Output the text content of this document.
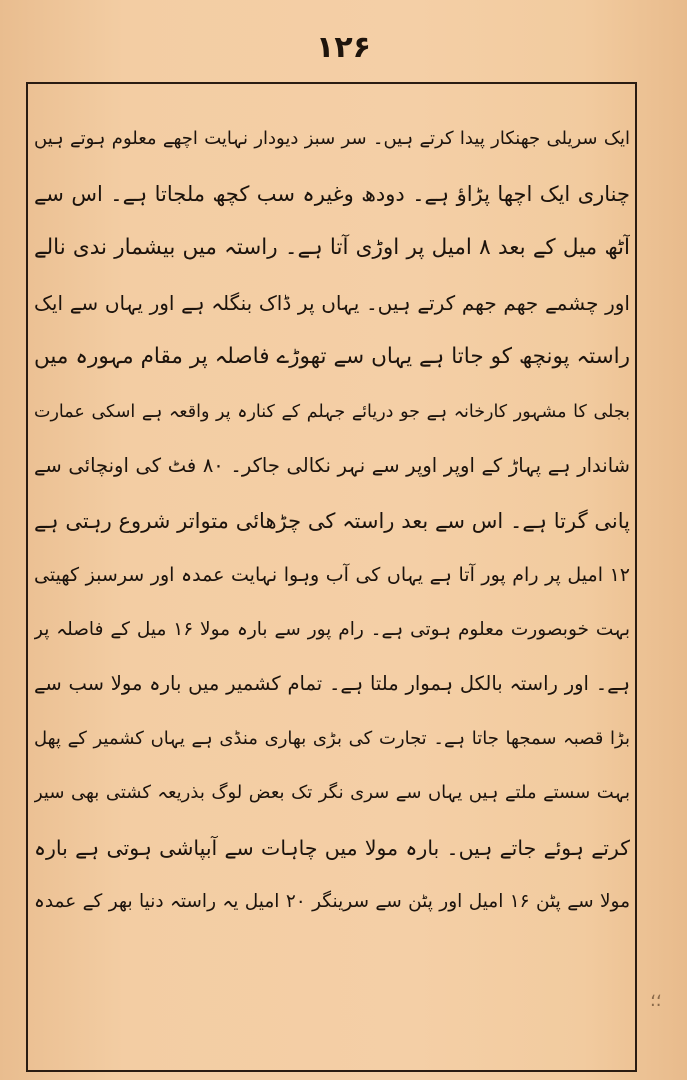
۱۲۶
ایک سریلی جھنکار پیدا کرتے ہیں۔ سر سبز دیودار نہایت اچھے معلوم ہوتے ہیں
چناری ایک اچھا پڑاؤ ہے۔ دودھ وغیرہ سب کچھ ملجاتا ہے۔ اس سے
آٹھ میل کے بعد ۸ امیل پر اوڑی آتا ہے۔ راستہ میں بیشمار ندی نالے
اور چشمے جھم جھم کرتے ہیں۔ یہاں پر ڈاک بنگلہ ہے اور یہاں سے ایک
راستہ پونچھ کو جاتا ہے یہاں سے تھوڑے فاصلہ پر مقام مہورہ میں
بجلی کا مشہور کارخانہ ہے جو دریائے جہلم کے کنارہ پر واقعہ ہے اسکی عمارت
شاندار ہے پہاڑ کے اوپر اوپر سے نہر نکالی جاکر۔ ۸۰ فٹ کی اونچائی سے
پانی گرتا ہے۔ اس سے بعد راستہ کی چڑھائی متواتر شروع رہتی ہے
۱۲ امیل پر رام پور آتا ہے یہاں کی آب وہوا نہایت عمدہ اور سرسبز کھیتی
بہت خوبصورت معلوم ہوتی ہے۔ رام پور سے بارہ مولا ۱۶ میل کے فاصلہ پر
ہے۔ اور راستہ بالکل ہموار ملتا ہے۔ تمام کشمیر میں بارہ مولا سب سے
بڑا قصبہ سمجھا جاتا ہے۔ تجارت کی بڑی بھاری منڈی ہے یہاں کشمیر کے پھل
بہت سستے ملتے ہیں یہاں سے سری نگر تک بعض لوگ بذریعہ کشتی بھی سیر
کرتے ہوئے جاتے ہیں۔ بارہ مولا میں چاہات سے آبپاشی ہوتی ہے بارہ
مولا سے پٹن ۱۶ امیل اور پٹن سے سرینگر ۲۰ امیل یہ راستہ دنیا بھر کے عمدہ
؛؛
